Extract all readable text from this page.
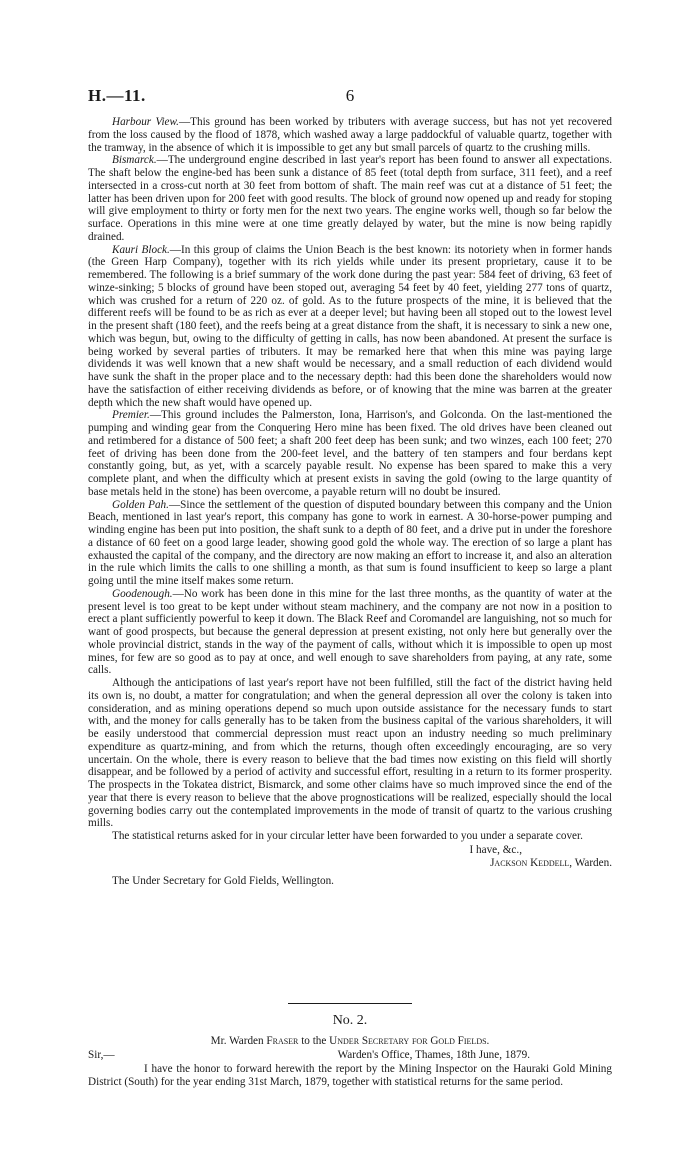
H.—11.	6

Harbour View.—This ground has been worked by tributers with average success, but has not yet recovered from the loss caused by the flood of 1878, which washed away a large paddockful of valuable quartz, together with the tramway, in the absence of which it is impossible to get any but small parcels of quartz to the crushing mills.

Bismarck.—The underground engine described in last year's report has been found to answer all expectations. The shaft below the engine-bed has been sunk a distance of 85 feet (total depth from surface, 311 feet), and a reef intersected in a cross-cut north at 30 feet from bottom of shaft. The main reef was cut at a distance of 51 feet; the latter has been driven upon for 200 feet with good results. The block of ground now opened up and ready for stoping will give employment to thirty or forty men for the next two years. The engine works well, though so far below the surface. Operations in this mine were at one time greatly delayed by water, but the mine is now being rapidly drained.

Kauri Block.—In this group of claims the Union Beach is the best known: its notoriety when in former hands (the Green Harp Company), together with its rich yields while under its present proprietary, cause it to be remembered. The following is a brief summary of the work done during the past year: 584 feet of driving, 63 feet of winze-sinking; 5 blocks of ground have been stoped out, averaging 54 feet by 40 feet, yielding 277 tons of quartz, which was crushed for a return of 220 oz. of gold. As to the future prospects of the mine, it is believed that the different reefs will be found to be as rich as ever at a deeper level; but having been all stoped out to the lowest level in the present shaft (180 feet), and the reefs being at a great distance from the shaft, it is necessary to sink a new one, which was begun, but, owing to the difficulty of getting in calls, has now been abandoned. At present the surface is being worked by several parties of tributers. It may be remarked here that when this mine was paying large dividends it was well known that a new shaft would be necessary, and a small reduction of each dividend would have sunk the shaft in the proper place and to the necessary depth: had this been done the shareholders would now have the satisfaction of either receiving dividends as before, or of knowing that the mine was barren at the greater depth which the new shaft would have opened up.

Premier.—This ground includes the Palmerston, Iona, Harrison's, and Golconda. On the last-mentioned the pumping and winding gear from the Conquering Hero mine has been fixed. The old drives have been cleaned out and retimbered for a distance of 500 feet; a shaft 200 feet deep has been sunk; and two winzes, each 100 feet; 270 feet of driving has been done from the 200-feet level, and the battery of ten stampers and four berdans kept constantly going, but, as yet, with a scarcely payable result. No expense has been spared to make this a very complete plant, and when the difficulty which at present exists in saving the gold (owing to the large quantity of base metals held in the stone) has been overcome, a payable return will no doubt be insured.

Golden Pah.—Since the settlement of the question of disputed boundary between this company and the Union Beach, mentioned in last year's report, this company has gone to work in earnest. A 30-horse-power pumping and winding engine has been put into position, the shaft sunk to a depth of 80 feet, and a drive put in under the foreshore a distance of 60 feet on a good large leader, showing good gold the whole way. The erection of so large a plant has exhausted the capital of the company, and the directory are now making an effort to increase it, and also an alteration in the rule which limits the calls to one shilling a month, as that sum is found insufficient to keep so large a plant going until the mine itself makes some return.

Goodenough.—No work has been done in this mine for the last three months, as the quantity of water at the present level is too great to be kept under without steam machinery, and the company are not now in a position to erect a plant sufficiently powerful to keep it down. The Black Reef and Coromandel are languishing, not so much for want of good prospects, but because the general depression at present existing, not only here but generally over the whole provincial district, stands in the way of the payment of calls, without which it is impossible to open up most mines, for few are so good as to pay at once, and well enough to save shareholders from paying, at any rate, some calls.

Although the anticipations of last year's report have not been fulfilled, still the fact of the district having held its own is, no doubt, a matter for congratulation; and when the general depression all over the colony is taken into consideration, and as mining operations depend so much upon outside assistance for the necessary funds to start with, and the money for calls generally has to be taken from the business capital of the various shareholders, it will be easily understood that commercial depression must react upon an industry needing so much preliminary expenditure as quartz-mining, and from which the returns, though often exceedingly encouraging, are so very uncertain. On the whole, there is every reason to believe that the bad times now existing on this field will shortly disappear, and be followed by a period of activity and successful effort, resulting in a return to its former prosperity. The prospects in the Tokatea district, Bismarck, and some other claims have so much improved since the end of the year that there is every reason to believe that the above prognostications will be realized, especially should the local governing bodies carry out the contemplated improvements in the mode of transit of quartz to the various crushing mills.

The statistical returns asked for in your circular letter have been forwarded to you under a separate cover.

I have, &c.,

Jackson Keddell, Warden.

The Under Secretary for Gold Fields, Wellington.

No. 2.

Mr. Warden Fraser to the Under Secretary for Gold Fields.

Sir,—	Warden's Office, Thames, 18th June, 1879.

I have the honor to forward herewith the report by the Mining Inspector on the Hauraki Gold Mining District (South) for the year ending 31st March, 1879, together with statistical returns for the same period.
